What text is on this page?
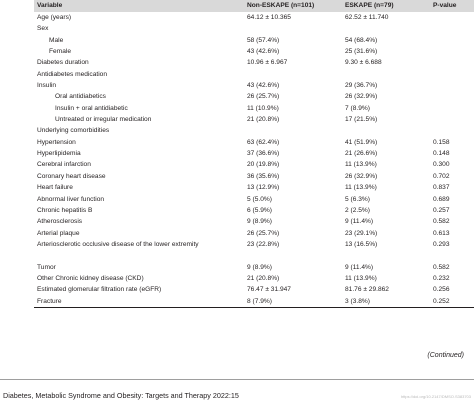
Variable	Non-ESKAPE (n=101)	ESKAPE (n=79)	P-value
Age (years)	64.12 ± 10.365	62.52 ± 11.740	
Sex			
Male	58 (57.4%)	54 (68.4%)	
Female	43 (42.6%)	25 (31.6%)	
Diabetes duration	10.96 ± 6.967	9.30 ± 6.688	
Antidiabetes medication			
Insulin	43 (42.6%)	29 (36.7%)	
Oral antidiabetics	26 (25.7%)	26 (32.9%)	
Insulin + oral antidiabetic	11 (10.9%)	7 (8.9%)	
Untreated or irregular medication	21 (20.8%)	17 (21.5%)	
Underlying comorbidities			
Hypertension	63 (62.4%)	41 (51.9%)	0.158
Hyperlipidemia	37 (36.6%)	21 (26.6%)	0.148
Cerebral infarction	20 (19.8%)	11 (13.9%)	0.300
Coronary heart disease	36 (35.6%)	26 (32.9%)	0.702
Heart failure	13 (12.9%)	11 (13.9%)	0.837
Abnormal liver function	5 (5.0%)	5 (6.3%)	0.689
Chronic hepatitis B	6 (5.9%)	2 (2.5%)	0.257
Atherosclerosis	9 (8.9%)	9 (11.4%)	0.582
Arterial plaque	26 (25.7%)	23 (29.1%)	0.613
Arteriosclerotic occlusive disease of the lower extremity	23 (22.8%)	13 (16.5%)	0.293
Tumor	9 (8.9%)	9 (11.4%)	0.582
Other Chronic kidney disease (CKD)	21 (20.8%)	11 (13.9%)	0.232
Estimated glomerular filtration rate (eGFR)	76.47 ± 31.947	81.76 ± 29.862	0.256
Fracture	8 (7.9%)	3 (3.8%)	0.252
(Continued)
Diabetes, Metabolic Syndrome and Obesity: Targets and Therapy 2022:15	https://doi.org/10.2147/DMSO.S383703
